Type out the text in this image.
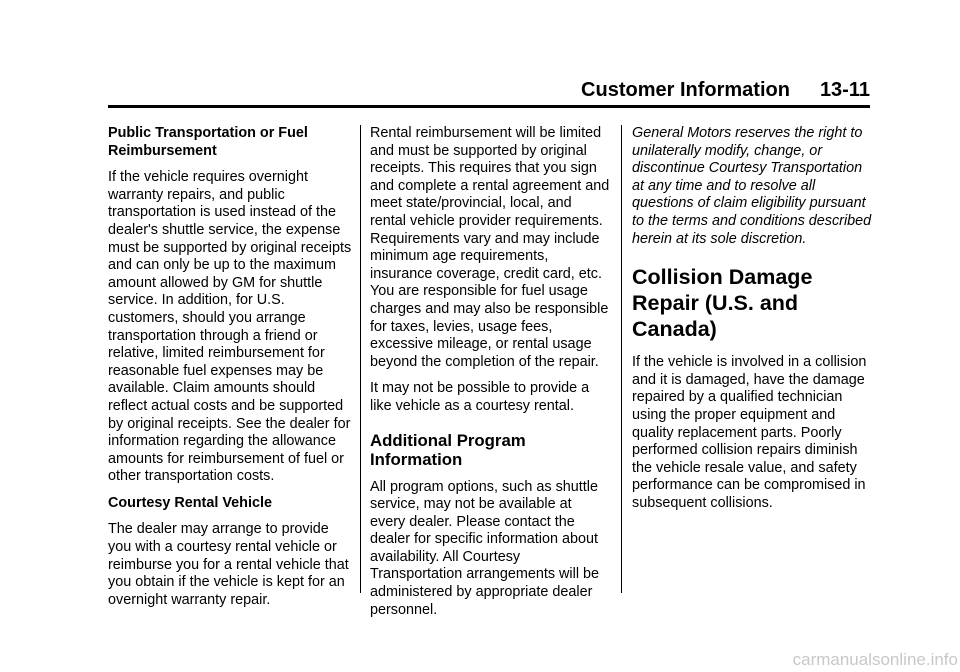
Customer Information 13-11
Public Transportation or Fuel Reimbursement

If the vehicle requires overnight warranty repairs, and public transportation is used instead of the dealer's shuttle service, the expense must be supported by original receipts and can only be up to the maximum amount allowed by GM for shuttle service. In addition, for U.S. customers, should you arrange transportation through a friend or relative, limited reimbursement for reasonable fuel expenses may be available. Claim amounts should reflect actual costs and be supported by original receipts. See the dealer for information regarding the allowance amounts for reimbursement of fuel or other transportation costs.

Courtesy Rental Vehicle

The dealer may arrange to provide you with a courtesy rental vehicle or reimburse you for a rental vehicle that you obtain if the vehicle is kept for an overnight warranty repair.

Rental reimbursement will be limited and must be supported by original receipts. This requires that you sign and complete a rental agreement and meet state/provincial, local, and rental vehicle provider requirements. Requirements vary and may include minimum age requirements, insurance coverage, credit card, etc. You are responsible for fuel usage charges and may also be responsible for taxes, levies, usage fees, excessive mileage, or rental usage beyond the completion of the repair.

It may not be possible to provide a like vehicle as a courtesy rental.

Additional Program Information

All program options, such as shuttle service, may not be available at every dealer. Please contact the dealer for specific information about availability. All Courtesy Transportation arrangements will be administered by appropriate dealer personnel.

General Motors reserves the right to unilaterally modify, change, or discontinue Courtesy Transportation at any time and to resolve all questions of claim eligibility pursuant to the terms and conditions described herein at its sole discretion.

Collision Damage Repair (U.S. and Canada)

If the vehicle is involved in a collision and it is damaged, have the damage repaired by a qualified technician using the proper equipment and quality replacement parts. Poorly performed collision repairs diminish the vehicle resale value, and safety performance can be compromised in subsequent collisions.

carmanualsonline.info
